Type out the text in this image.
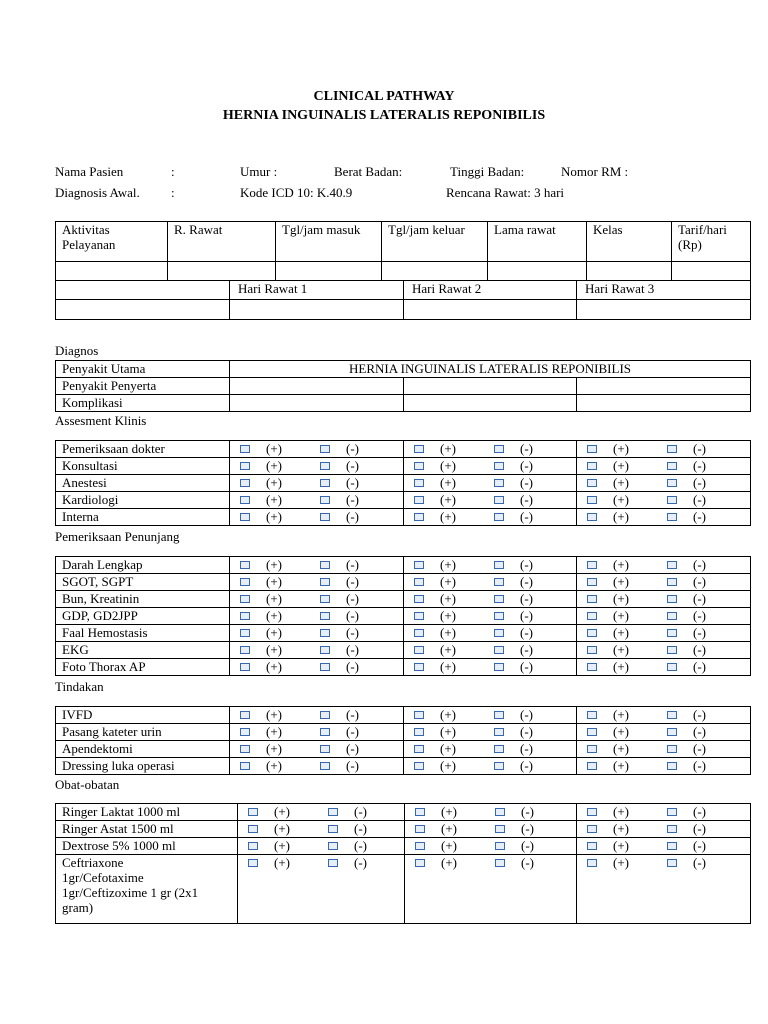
CLINICAL PATHWAY
HERNIA INGUINALIS LATERALIS REPONIBILIS
Nama Pasien	:	Umur :	Berat Badan:	Tinggi Badan:	Nomor RM :
Diagnosis Awal. :	Kode ICD 10: K.40.9	Rencana Rawat: 3 hari
Aktivitas Pelayanan	R. Rawat	Tgl/jam masuk	Tgl/jam keluar	Lama rawat	Kelas	Tarif/hari (Rp)

	Hari Rawat 1	Hari Rawat 2	Hari Rawat 3

Diagnos
Penyakit Utama	HERNIA INGUINALIS LATERALIS REPONIBILIS		
Penyakit Penyerta			
Komplikasi			
Assesment Klinis
Pemeriksaan dokter	(+) (-)	(+) (-)	(+) (-)
Konsultasi	(+) (-)	(+) (-)	(+) (-)
Anestesi	(+) (-)	(+) (-)	(+) (-)
Kardiologi	(+) (-)	(+) (-)	(+) (-)
Interna	(+) (-)	(+) (-)	(+) (-)
Pemeriksaan Penunjang
Darah Lengkap	(+) (-)	(+) (-)	(+) (-)
SGOT, SGPT	(+) (-)	(+) (-)	(+) (-)
Bun, Kreatinin	(+) (-)	(+) (-)	(+) (-)
GDP, GD2JPP	(+) (-)	(+) (-)	(+) (-)
Faal Hemostasis	(+) (-)	(+) (-)	(+) (-)
EKG	(+) (-)	(+) (-)	(+) (-)
Foto Thorax AP	(+) (-)	(+) (-)	(+) (-)
Tindakan
IVFD	(+) (-)	(+) (-)	(+) (-)
Pasang kateter urin	(+) (-)	(+) (-)	(+) (-)
Apendektomi	(+) (-)	(+) (-)	(+) (-)
Dressing luka operasi	(+) (-)	(+) (-)	(+) (-)
Obat-obatan
Ringer Laktat 1000 ml	(+) (-)	(+) (-)	(+) (-)
Ringer Astat 1500 ml	(+) (-)	(+) (-)	(+) (-)
Dextrose 5% 1000 ml	(+) (-)	(+) (-)	(+) (-)

Ceftriaxone
1gr/Cefotaxime
1gr/Ceftizoxime 1 gr (2x1
gram)	(+) (-)	(+) (-)	(+) (-)
